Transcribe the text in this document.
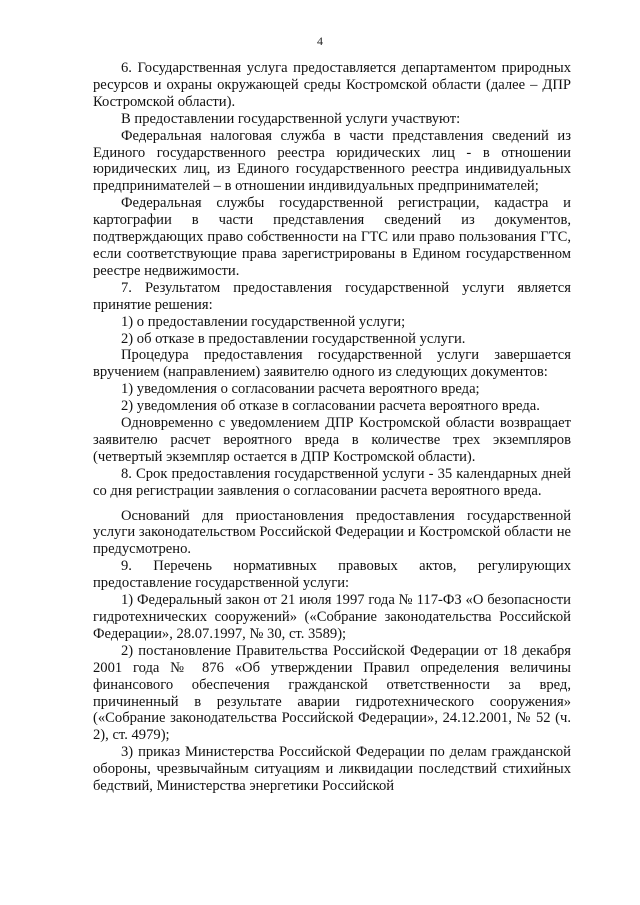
4

6. Государственная услуга предоставляется департаментом природных ресурсов и охраны окружающей среды Костромской области (далее – ДПР Костромской области).

В предоставлении государственной услуги участвуют:

Федеральная налоговая служба в части представления сведений из Единого государственного реестра юридических лиц - в отношении юридических лиц, из Единого государственного реестра индивидуальных предпринимателей – в отношении индивидуальных предпринимателей;

Федеральная службы государственной регистрации, кадастра и картографии в части представления сведений из документов, подтверждающих право собственности на ГТС или право пользования ГТС, если соответствующие права зарегистрированы в Едином государственном реестре недвижимости.

7. Результатом предоставления государственной услуги является принятие решения:

1) о предоставлении государственной услуги;

2) об отказе в предоставлении государственной услуги.

Процедура предоставления государственной услуги завершается вручением (направлением) заявителю одного из следующих документов:

1) уведомления о согласовании расчета вероятного вреда;

2) уведомления об отказе в согласовании расчета вероятного вреда.

Одновременно с уведомлением ДПР Костромской области возвращает заявителю расчет вероятного вреда в количестве трех экземпляров (четвертый экземпляр остается в ДПР Костромской области).

8. Срок предоставления государственной услуги - 35 календарных дней со дня регистрации заявления о согласовании расчета вероятного вреда.

Оснований для приостановления предоставления государственной услуги законодательством Российской Федерации и Костромской области не предусмотрено.

9. Перечень нормативных правовых актов, регулирующих предоставление государственной услуги:

1) Федеральный закон от 21 июля 1997 года № 117-ФЗ «О безопасности гидротехнических сооружений» («Собрание законодательства Российской Федерации», 28.07.1997, № 30, ст. 3589);

2) постановление Правительства Российской Федерации от 18 декабря 2001 года № 876 «Об утверждении Правил определения величины финансового обеспечения гражданской ответственности за вред, причиненный в результате аварии гидротехнического сооружения» («Собрание законодательства Российской Федерации», 24.12.2001, № 52 (ч. 2), ст. 4979);

3) приказ Министерства Российской Федерации по делам гражданской обороны, чрезвычайным ситуациям и ликвидации последствий стихийных бедствий, Министерства энергетики Российской
